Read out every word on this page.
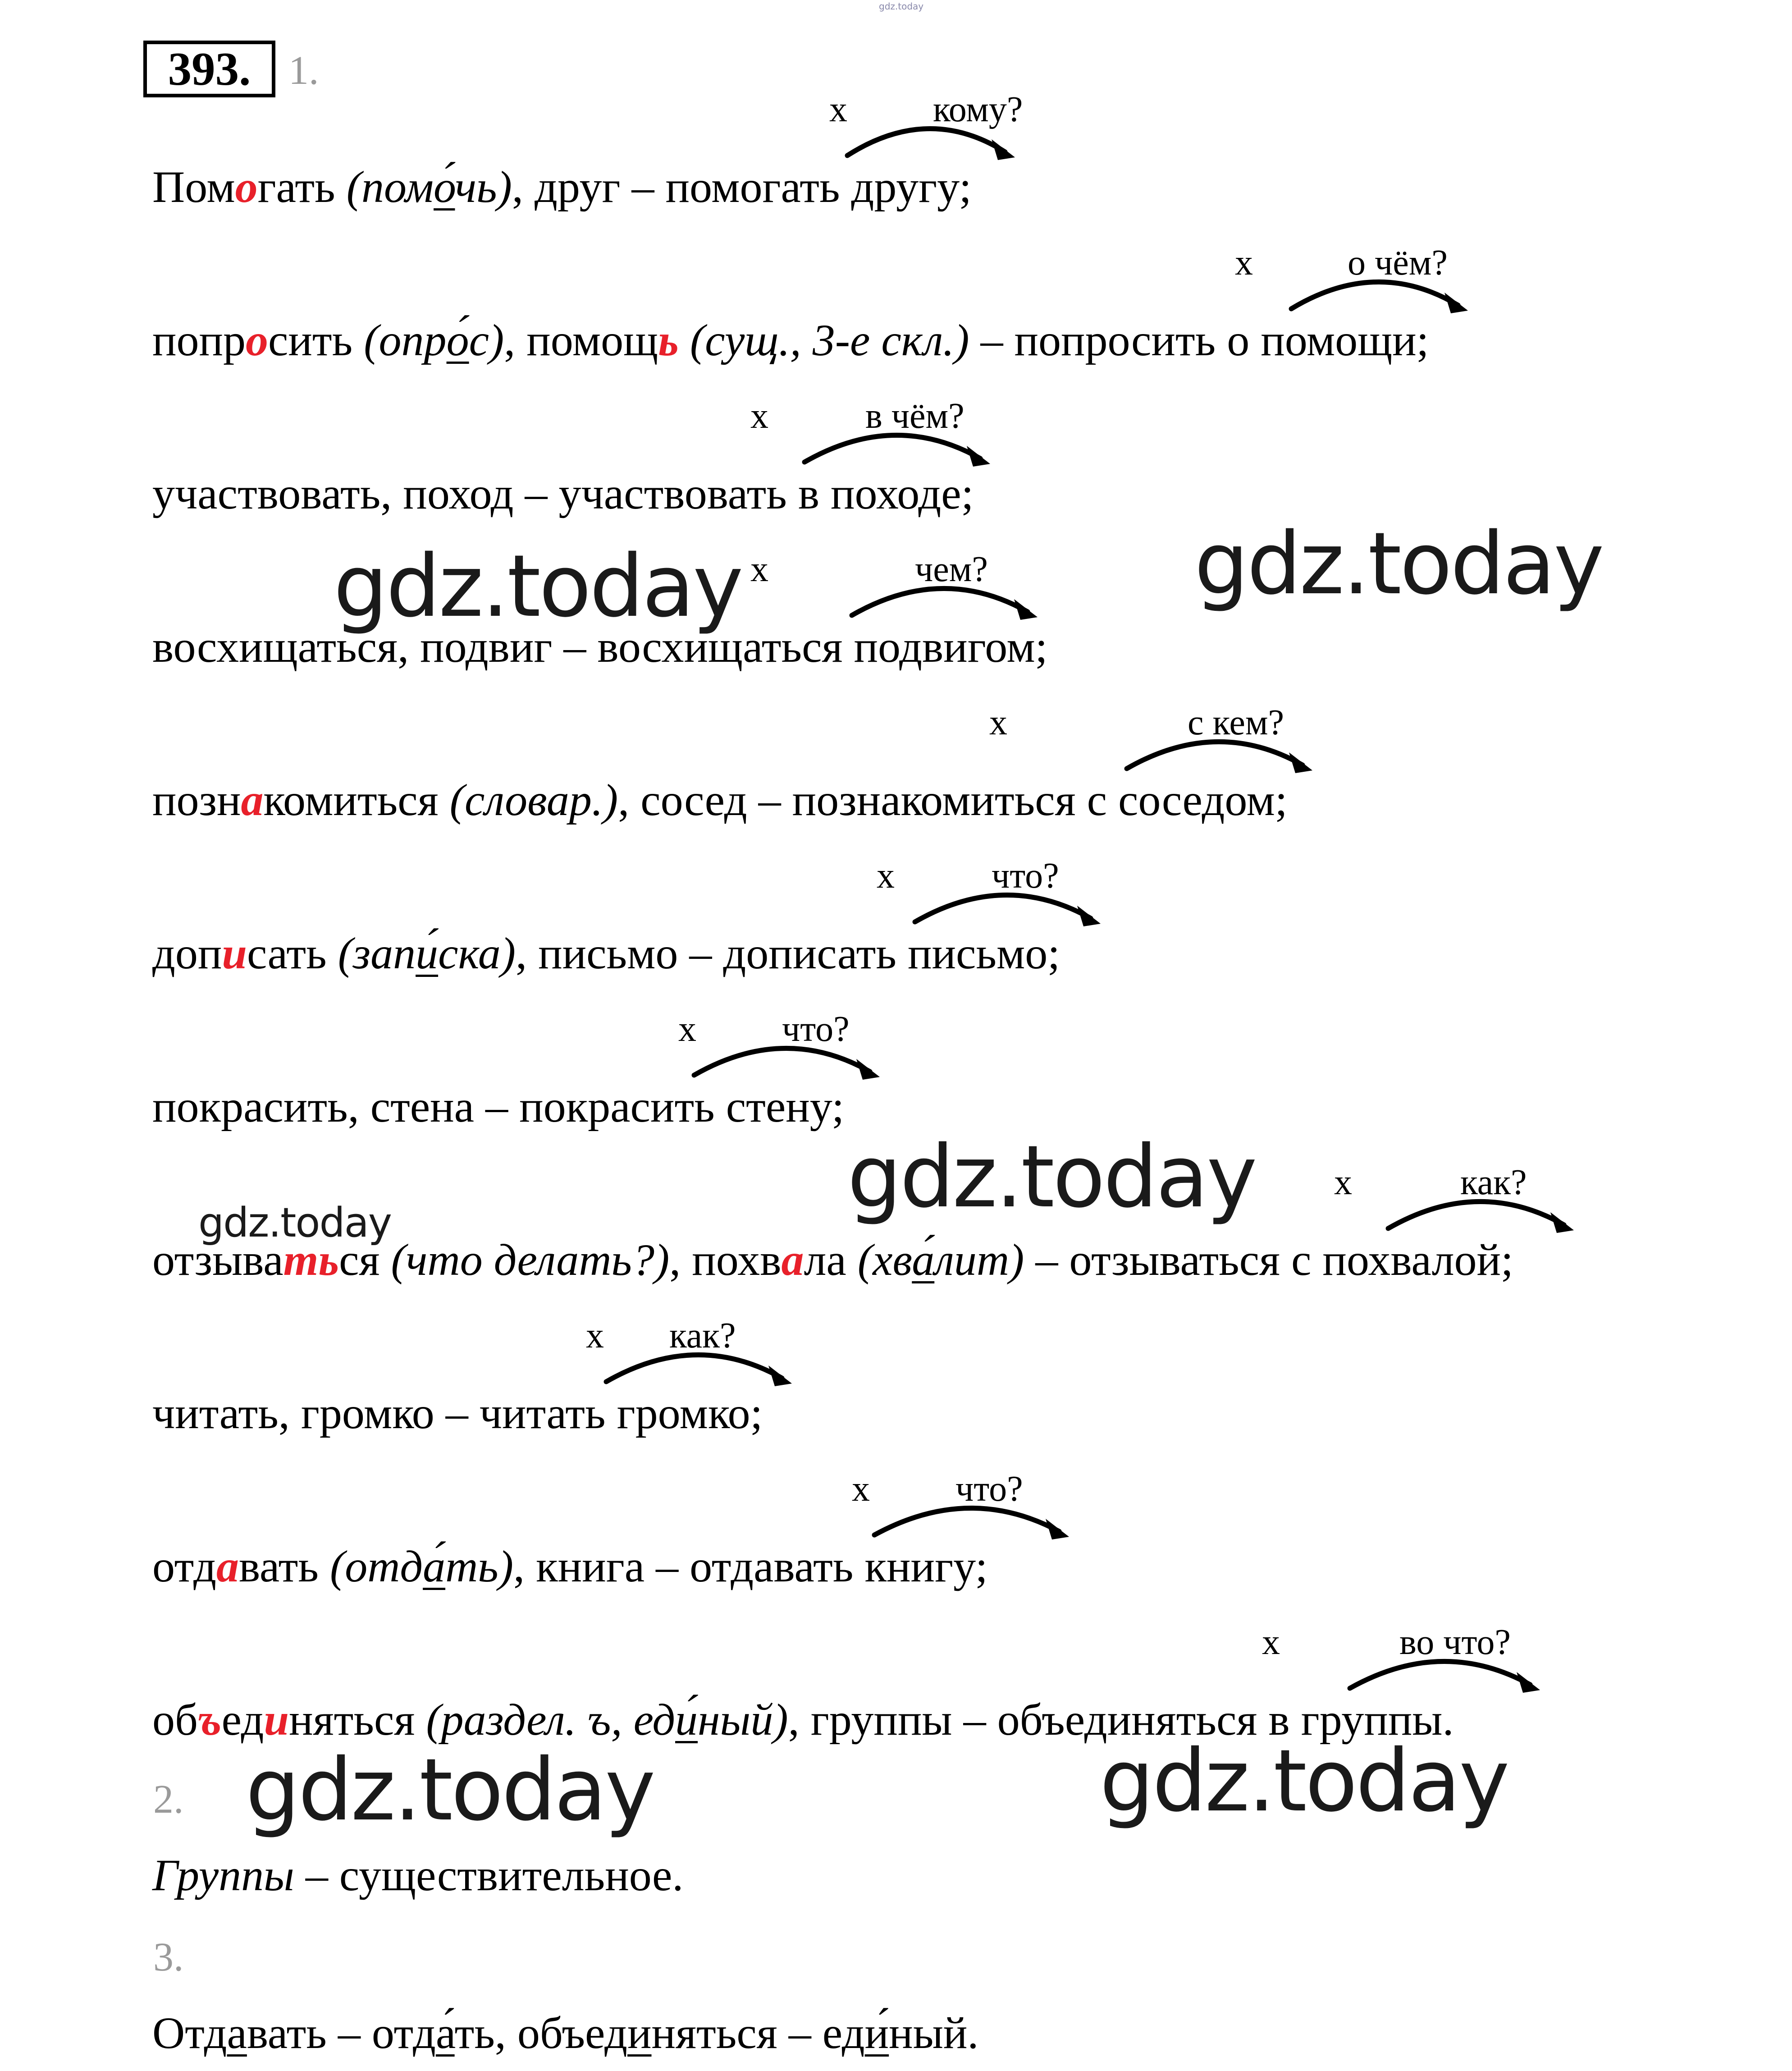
gdz.today
393. 1.
x кому?
x	о чём?
x	в чём?
x	чем?
x	с кем?
x	что?
x что?
x	как?
x как?
x что?
x	во что?
Помогать (помо́чь), друг – помогать другу;
попросить (опро́с), помощь (сущ., 3-е скл.) – попросить о помощи;
участвовать, поход – участвовать в походе;
восхищаться, подвиг – восхищаться подвигом;
познакомиться (словар.), сосед – познакомиться с соседом;
дописать (запи́ска), письмо – дописать письмо;
покрасить, стена – покрасить стену;
отзываться (что делать?), похвала (хва́лит) – отзываться с похвалой;
читать, громко – читать громко;
отдавать (отда́ть), книга – отдавать книгу;
объединяться (раздел. ъ, еди́ный), группы – объединяться в группы.
2.
Группы – существительное.
3.
Отдавать – отда́ть, объединяться – еди́ный.
gdz.today	gdz.today
gdz.today
gdz.today
gdz.today	gdz.today
